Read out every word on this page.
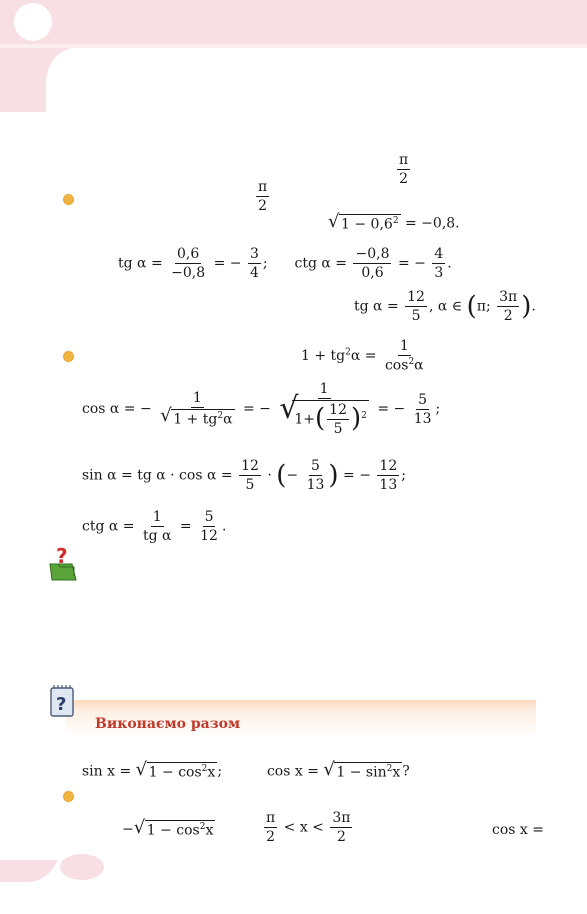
$\frac{\pi}{2}$
$\frac{\pi}{2}$
√ $1 - 0,6^2 = -0,8$.
tg $\alpha = \frac{0,6}{-0,8}$ = − $\frac{3}{4}$ ; ctg $\alpha = \frac{-0,8}{0,6}$ = − $\frac{4}{3}$ .
tg $\alpha = \frac{12}{5}$ , α ∈ (π; $\frac{3\pi}{2}$ ).
$1 + tg^2\alpha = \frac{1}{\cos^2\alpha}$
cos α = − $\frac{1}{√ 1 + tg^2\alpha}$ = − 1
√
$1+( \frac{12}{5} )^2$ = − $\frac{5}{13}$ ;
sin α = tg $\alpha \cdot \cos \alpha = \frac{12}{5}$ · (− $\frac{5}{13}$ ) = − $\frac{12}{13}$ ;
ctg $\alpha = \frac{1}{\text{tg α}} = \frac{5}{12}$ .
?
?
Виконаємо разом
sin x = √ $1 - \cos^2x$ ;	cos x = √ $1 - \sin^2x$ ?
− √ $1 - \cos^2x$	$\frac{\pi}{2} < x < \frac{3\pi}{2}$	cos x =
